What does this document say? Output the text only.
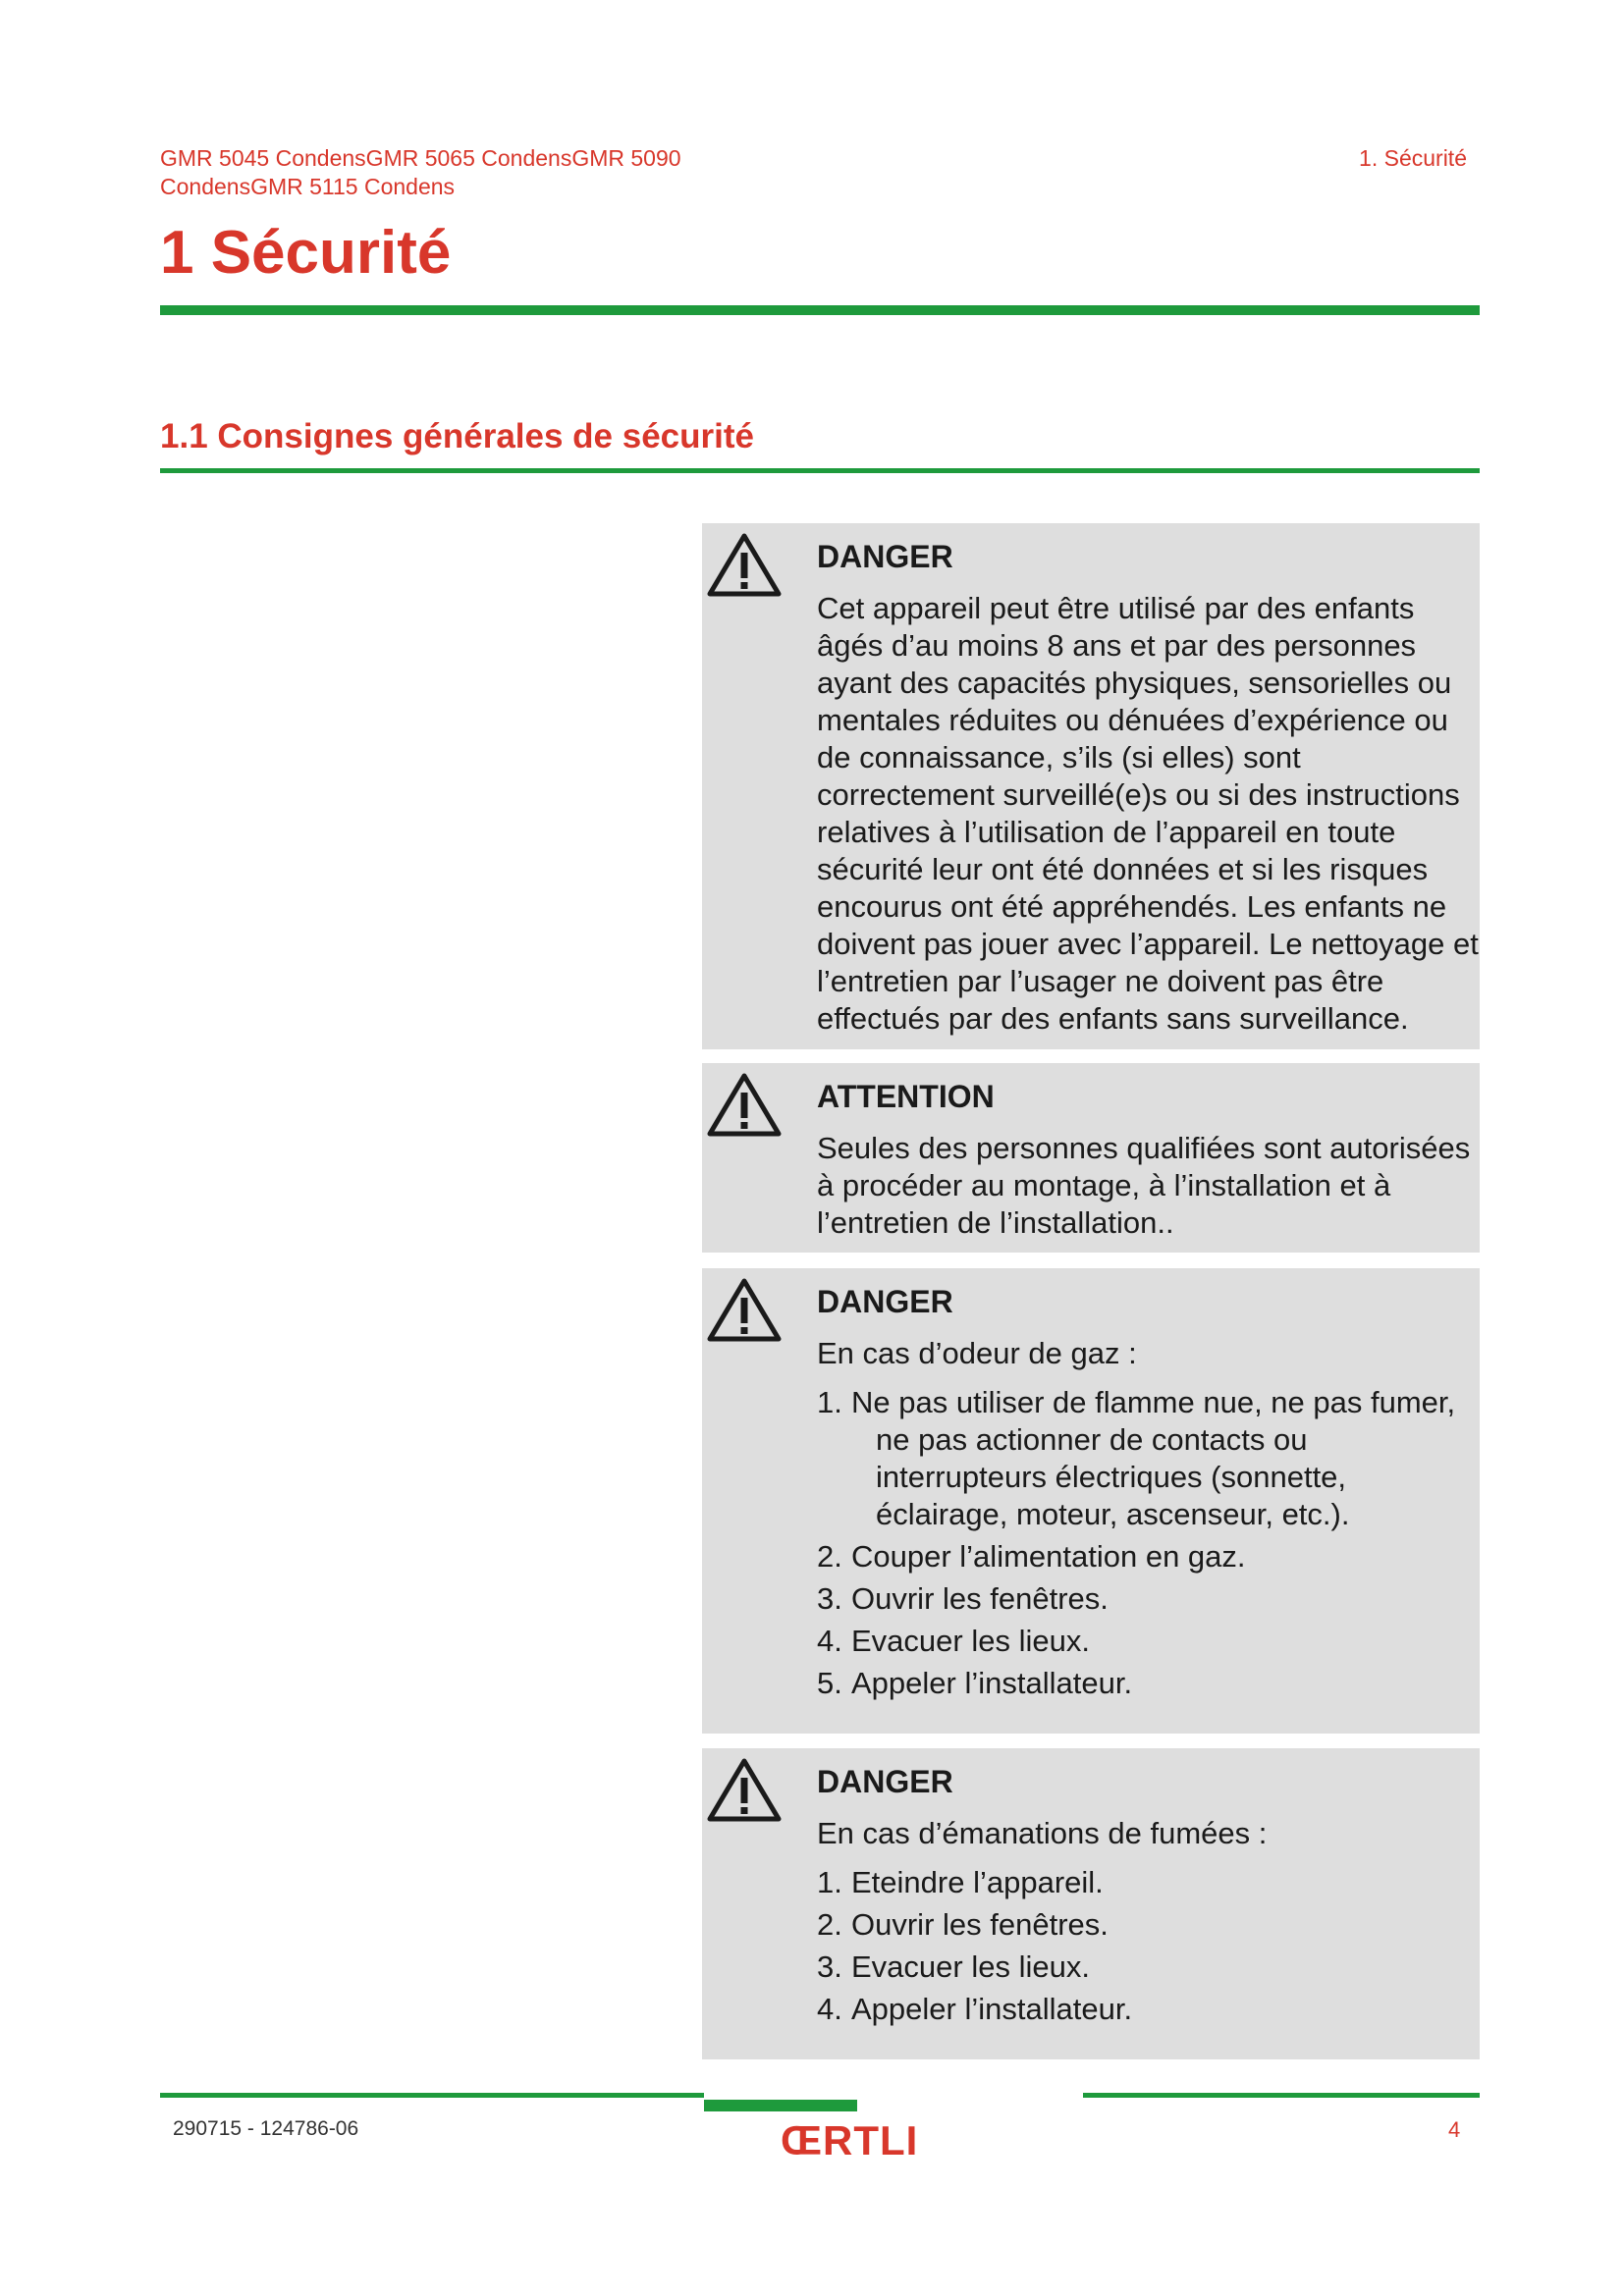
GMR 5045 CondensGMR 5065 CondensGMR 5090 CondensGMR 5115 Condens
1. Sécurité
1 Sécurité
1.1 Consignes générales de sécurité
DANGER
Cet appareil peut être utilisé par des enfants âgés d’au moins 8 ans et par des personnes ayant des capacités physiques, sensorielles ou mentales réduites ou dénuées d’expérience ou de connaissance, s’ils (si elles) sont correctement surveillé(e)s ou si des instructions relatives à l’utilisation de l’appareil en toute sécurité leur ont été données et si les risques encourus ont été appréhendés. Les enfants ne doivent pas jouer avec l’appareil. Le nettoyage et l’entretien par l’usager ne doivent pas être effectués par des enfants sans surveillance.
ATTENTION
Seules des personnes qualifiées sont autorisées à procéder au montage, à l’installation et à l’entretien de l’installation..
DANGER
En cas d’odeur de gaz :
1. Ne pas utiliser de flamme nue, ne pas fumer, ne pas actionner de contacts ou interrupteurs électriques (sonnette, éclairage, moteur, ascenseur, etc.).
2. Couper l’alimentation en gaz.
3. Ouvrir les fenêtres.
4. Evacuer les lieux.
5. Appeler l’installateur.
DANGER
En cas d’émanations de fumées :
1. Eteindre l’appareil.
2. Ouvrir les fenêtres.
3. Evacuer les lieux.
4. Appeler l’installateur.
ŒRTLI
290715 - 124786-06	4
